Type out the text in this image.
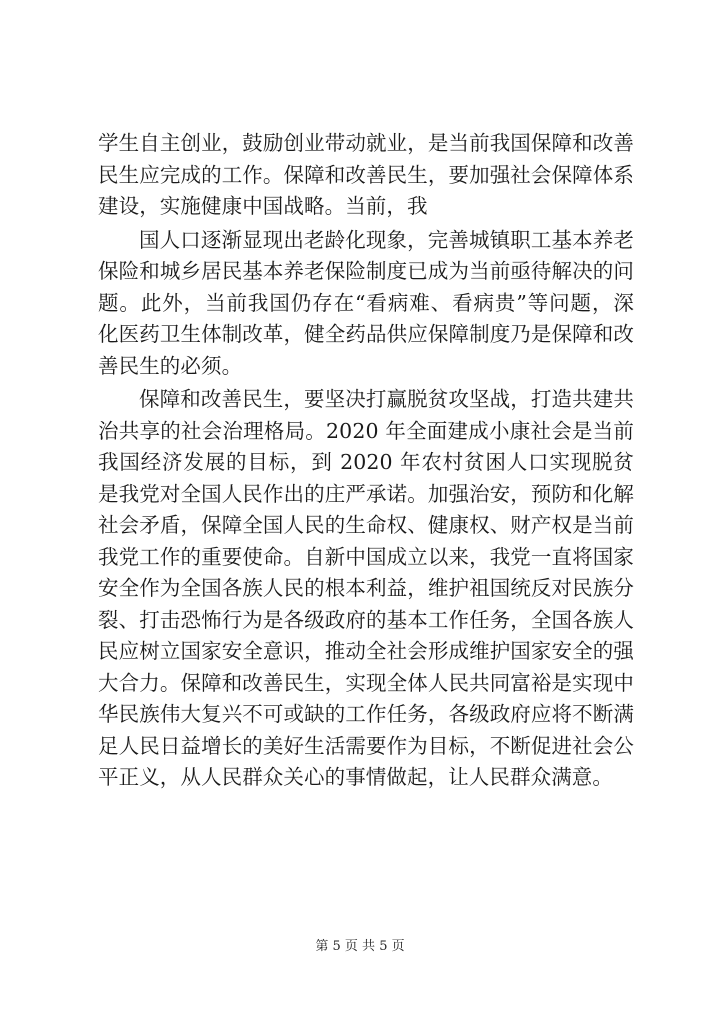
学生自主创业，鼓励创业带动就业，是当前我国保障和改善民生应完成的工作。保障和改善民生，要加强社会保障体系建设，实施健康中国战略。当前，我

国人口逐渐显现出老龄化现象，完善城镇职工基本养老保险和城乡居民基本养老保险制度已成为当前亟待解决的问题。此外，当前我国仍存在“看病难、看病贵”等问题，深化医药卫生体制改革，健全药品供应保障制度乃是保障和改善民生的必须。

保障和改善民生，要坚决打赢脱贫攻坚战，打造共建共治共享的社会治理格局。2020 年全面建成小康社会是当前我国经济发展的目标，到 2020 年农村贫困人口实现脱贫是我党对全国人民作出的庄严承诺。加强治安，预防和化解社会矛盾，保障全国人民的生命权、健康权、财产权是当前我党工作的重要使命。自新中国成立以来，我党一直将国家安全作为全国各族人民的根本利益，维护祖国统反对民族分裂、打击恐怖行为是各级政府的基本工作任务，全国各族人民应树立国家安全意识，推动全社会形成维护国家安全的强大合力。保障和改善民生，实现全体人民共同富裕是实现中华民族伟大复兴不可或缺的工作任务，各级政府应将不断满足人民日益增长的美好生活需要作为目标，不断促进社会公平正义，从人民群众关心的事情做起，让人民群众满意。

第 5 页 共 5 页
